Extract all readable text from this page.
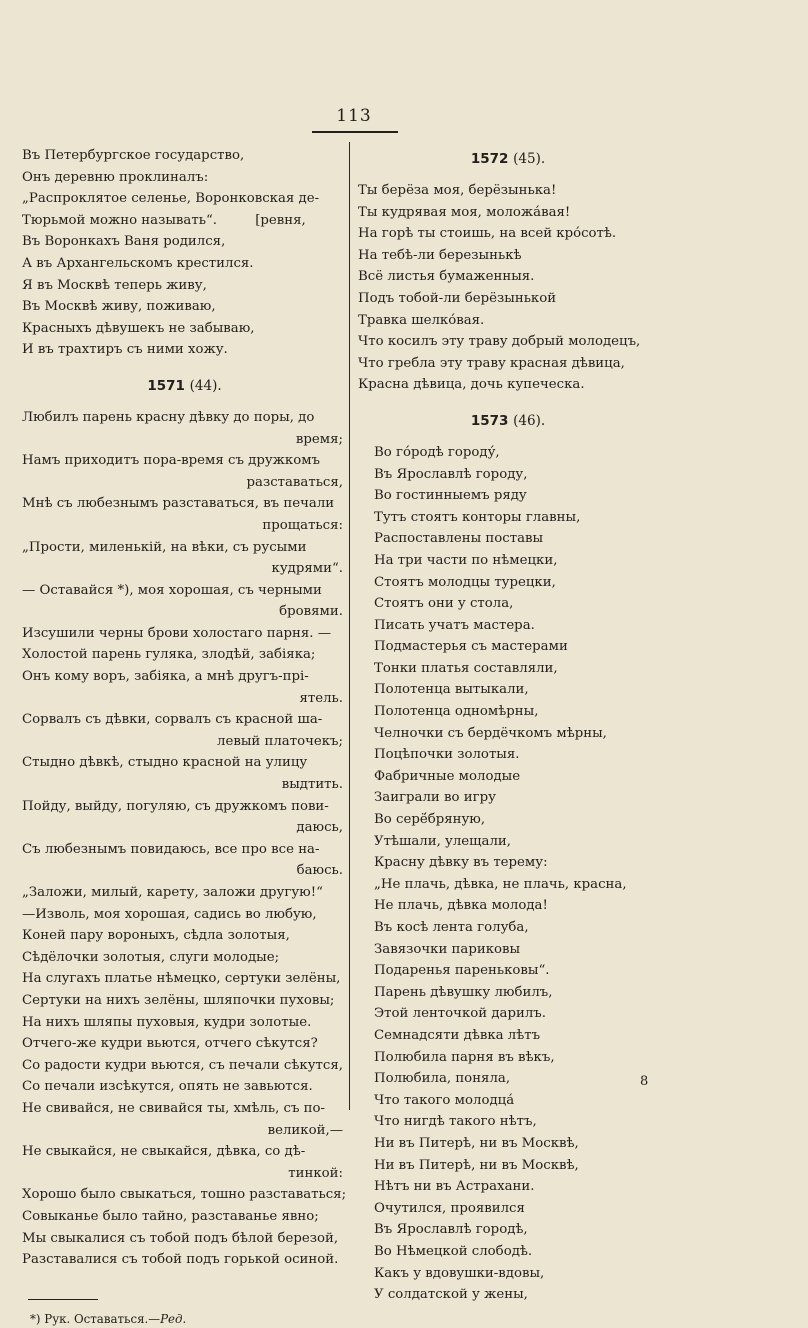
113
Въ Петербургское государство,
Онъ деревню проклиналъ:
„Распроклятое селенье, Воронковская де-
Тюрьмой можно называть“.	[ревня,
Въ Воронкахъ Ваня родился,
А въ Архангельскомъ крестился.
Я въ Москвѣ теперь живу,
Въ Москвѣ живу, поживаю,
Красныхъ дѣвушекъ не забываю,
И въ трахтиръ съ ними хожу.
1571 (44).
Любилъ парень красну дѣвку до поры, до
время;
Намъ приходитъ пора-время съ дружкомъ
разставаться,
Мнѣ съ любезнымъ разставаться, въ печали
прощаться:
„Прости, миленькій, на вѣки, съ русыми
кудрями“.
— Оставайся *), моя хорошая, съ черными
бровями.
Изсушили черны брови холостаго парня. —
Холостой парень гуляка, злодѣй, забіяка;
Онъ кому воръ, забіяка, а мнѣ другъ-прі-
ятель.
Сорвалъ съ дѣвки, сорвалъ съ красной ша-
левый платочекъ;
Стыдно дѣвкѣ, стыдно красной на улицу
выдтить.
Пойду, выйду, погуляю, съ дружкомъ пови-
даюсь,
Съ любезнымъ повидаюсь, все про все на-
баюсь.
„Заложи, милый, карету, заложи другую!“
—Изволь, моя хорошая, садись во любую,
Коней пару вороныхъ, сѣдла золотыя,
Сѣдёлочки золотыя, слуги молодые;
На слугахъ платье нѣмецко, сертуки зелёны,
Сертуки на нихъ зелёны, шляпочки пуховы;
На нихъ шляпы пуховыя, кудри золотые.
Отчего-же кудри вьются, отчего сѣкутся?
Со радости кудри вьются, съ печали сѣкутся,
Со печали изсѣкутся, опять не завьются.
Не свивайся, не свивайся ты, хмѣль, съ по-
великой,—
Не свыкайся, не свыкайся, дѣвка, со дѣ-
тинкой:
Хорошо было свыкаться, тошно разставаться;
Совыканье было тайно, разставанье явно;
Мы свыкалися съ тобой подъ бѣлой березой,
Разставалися съ тобой подъ горькой осиной.
*) Рук. Оставаться.—Ред.
1572 (45).
Ты берёза моя, берёзынька!
Ты кудрявая моя, моложа́вая!
На горѣ ты стоишь, на всей кро́сотѣ.
На тебѣ-ли березынькѣ
Всё листья бумаженныя.
Подъ тобой-ли берёзынькой
Травка шелко́вая.
Что косилъ эту траву добрый молодецъ,
Что гребла эту траву красная дѣвица,
Красна дѣвица, дочь купеческа.
1573 (46).
Во го́родѣ городу́,
Въ Ярославлѣ городу,
Во гостинныемъ ряду
Тутъ стоятъ конторы главны,
Распоставлены поставы
На три части по нѣмецки,
Стоятъ молодцы турецки,
Стоятъ они у стола,
Писать учатъ мастера.
Подмастерья съ мастерами
Тонки платья составляли,
Полотенца вытыкали,
Полотенца одномѣрны,
Челночки съ бердёчкомъ мѣрны,
Поцѣпочки золотыя.
Фабричные молодые
Заиграли во игру
Во серё́бряную,
Утѣшали, улещали,
Красну дѣвку въ терему:
„Не плачь, дѣвка, не плачь, красна,
Не плачь, дѣвка молода!
Въ косѣ лента голуба,
Завязочки париковы
Подаренья пареньковы“.
Парень дѣвушку любилъ,
Этой ленточкой дарилъ.
Семнадсяти дѣвка лѣтъ
Полюбила парня въ вѣкъ,
Полюбила, поняла,
Что такого молодца́
Что нигдѣ такого нѣтъ,
Ни въ Питерѣ, ни въ Москвѣ,
Ни въ Питерѣ, ни въ Москвѣ,
Нѣтъ ни въ Астрахани.
Очутился, проявился
Въ Ярославлѣ городѣ,
Во Нѣмецкой слободѣ.
Какъ у вдовушки-вдовы,
У солдатской у жены,
8
